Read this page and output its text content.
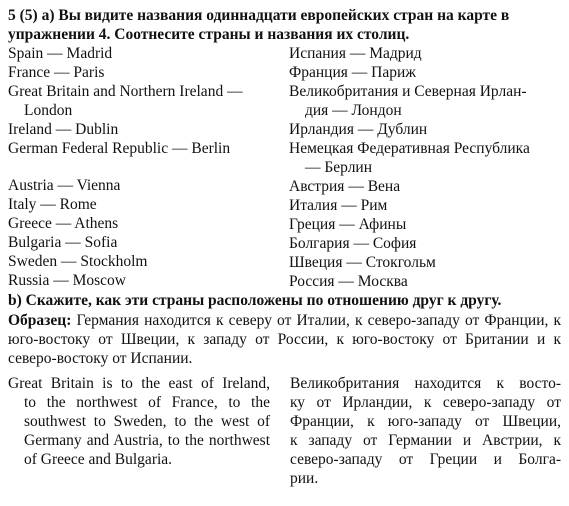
5 (5) a) Вы видите названия одиннадцати европейских стран на карте в упражнении 4. Соотнесите страны и названия их столиц.

Spain — Madrid

France — Paris

Great Britain and Northern Ireland —

London

Ireland — Dublin

German Federal Republic — Berlin

Austria — Vienna

Italy — Rome

Greece — Athens

Bulgaria — Sofia

Sweden — Stockholm

Russia — Moscow

Испания — Мадрид

Франция — Париж

Великобритания и Северная Ирлан-

дия — Лондон

Ирландия — Дублин

Немецкая Федеративная Республика

— Берлин

Австрия — Вена

Италия — Рим

Греция — Афины

Болгария — София

Швеция — Стокгольм

Россия — Москва

b) Скажите, как эти страны расположены по отношению друг к другу.

Образец: Германия находится к северу от Италии, к северо-западу от Франции, к юго-востоку от Швеции, к западу от России, к юго-востоку от Британии и к северо-востоку от Испании.

Great Britain is to the east of Ireland,
to the northwest of France, to the
southwest to Sweden, to the west of
Germany and Austria, to the northwest
of Greece and Bulgaria.
Великобритания находится к восто-
ку от Ирландии, к северо-западу от
Франции, к юго-западу от Швеции,
к западу от Германии и Австрии, к
северо-западу от Греции и Болга-
рии.
